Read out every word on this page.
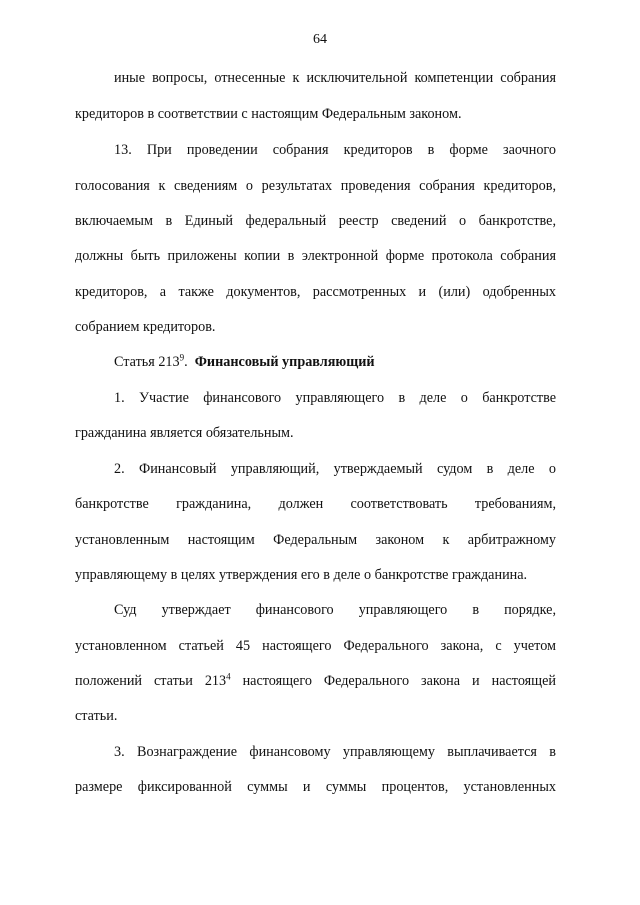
64
иные вопросы, отнесенные к исключительной компетенции собрания
кредиторов в соответствии с настоящим Федеральным законом.
13. При проведении собрания кредиторов в форме заочного
голосования к сведениям о результатах проведения собрания кредиторов,
включаемым в Единый федеральный реестр сведений о банкротстве,
должны быть приложены копии в электронной форме протокола собрания
кредиторов, а также документов, рассмотренных и (или) одобренных
собранием кредиторов.
Статья $213^9$. Финансовый управляющий
1. Участие финансового управляющего в деле о банкротстве
гражданина является обязательным.
2. Финансовый управляющий, утверждаемый судом в деле о
банкротстве гражданина, должен соответствовать требованиям,
установленным настоящим Федеральным законом к арбитражному
управляющему в целях утверждения его в деле о банкротстве гражданина.
Суд утверждает финансового управляющего в порядке,
установленном статьей 45 настоящего Федерального закона, с учетом
положений статьи $213^4$ настоящего Федерального закона и настоящей
статьи.
3. Вознаграждение финансовому управляющему выплачивается в
размере фиксированной суммы и суммы процентов, установленных
